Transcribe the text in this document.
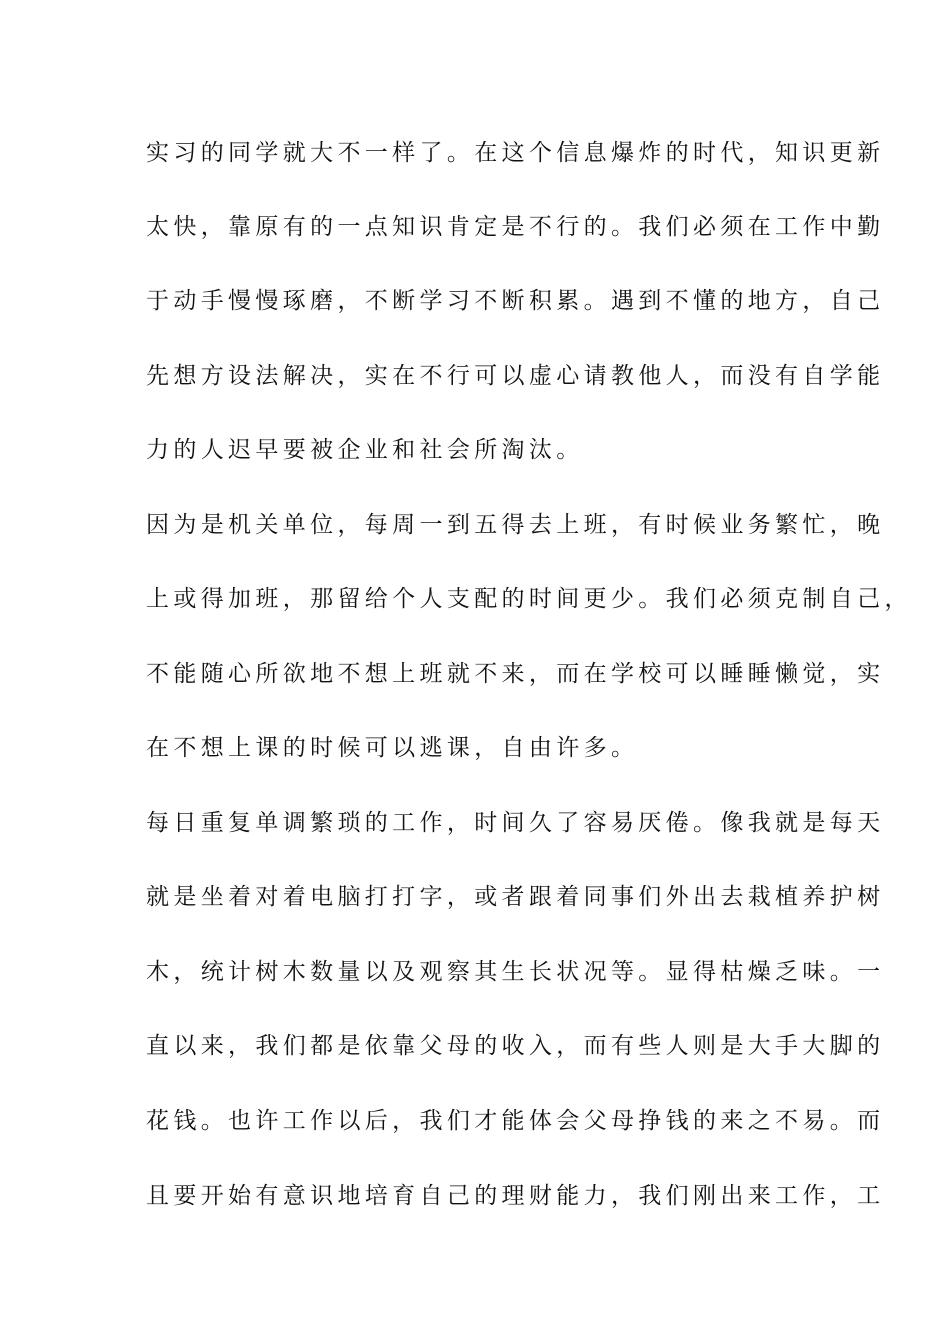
实习的同学就大不一样了。在这个信息爆炸的时代，知识更新
太快，靠原有的一点知识肯定是不行的。我们必须在工作中勤
于动手慢慢琢磨，不断学习不断积累。遇到不懂的地方，自己
先想方设法解决，实在不行可以虚心请教他人，而没有自学能
力的人迟早要被企业和社会所淘汰。
因为是机关单位，每周一到五得去上班，有时候业务繁忙，晚
上或得加班，那留给个人支配的时间更少。我们必须克制自己，
不能随心所欲地不想上班就不来，而在学校可以睡睡懒觉，实
在不想上课的时候可以逃课，自由许多。
每日重复单调繁琐的工作，时间久了容易厌倦。像我就是每天
就是坐着对着电脑打打字，或者跟着同事们外出去栽植养护树
木，统计树木数量以及观察其生长状况等。显得枯燥乏味。一
直以来，我们都是依靠父母的收入，而有些人则是大手大脚的
花钱。也许工作以后，我们才能体会父母挣钱的来之不易。而
且要开始有意识地培育自己的理财能力，我们刚出来工作，工
